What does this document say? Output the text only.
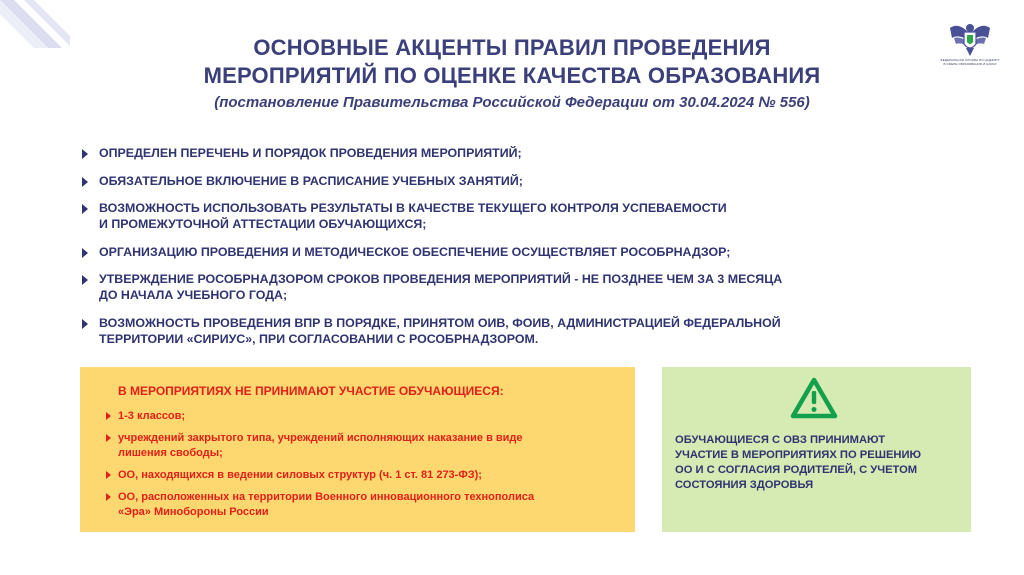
ФЕДЕРАЛЬНАЯ СЛУЖБА ПО НАДЗОРУ
В СФЕРЕ ОБРАЗОВАНИЯ И НАУКИ
ОСНОВНЫЕ АКЦЕНТЫ ПРАВИЛ ПРОВЕДЕНИЯ
МЕРОПРИЯТИЙ ПО ОЦЕНКЕ КАЧЕСТВА ОБРАЗОВАНИЯ
(постановление Правительства Российской Федерации от 30.04.2024 № 556)
ОПРЕДЕЛЕН ПЕРЕЧЕНЬ И ПОРЯДОК ПРОВЕДЕНИЯ МЕРОПРИЯТИЙ;
ОБЯЗАТЕЛЬНОЕ ВКЛЮЧЕНИЕ В РАСПИСАНИЕ УЧЕБНЫХ ЗАНЯТИЙ;
ВОЗМОЖНОСТЬ ИСПОЛЬЗОВАТЬ РЕЗУЛЬТАТЫ В КАЧЕСТВЕ ТЕКУЩЕГО КОНТРОЛЯ УСПЕВАЕМОСТИ
И ПРОМЕЖУТОЧНОЙ АТТЕСТАЦИИ ОБУЧАЮЩИХСЯ;
ОРГАНИЗАЦИЮ ПРОВЕДЕНИЯ И МЕТОДИЧЕСКОЕ ОБЕСПЕЧЕНИЕ ОСУЩЕСТВЛЯЕТ РОСОБРНАДЗОР;
УТВЕРЖДЕНИЕ РОСОБРНАДЗОРОМ СРОКОВ ПРОВЕДЕНИЯ МЕРОПРИЯТИЙ - НЕ ПОЗДНЕЕ ЧЕМ ЗА 3 МЕСЯЦА
ДО НАЧАЛА УЧЕБНОГО ГОДА;
ВОЗМОЖНОСТЬ ПРОВЕДЕНИЯ ВПР В ПОРЯДКЕ, ПРИНЯТОМ ОИВ, ФОИВ, АДМИНИСТРАЦИЕЙ ФЕДЕРАЛЬНОЙ
ТЕРРИТОРИИ «СИРИУС», ПРИ СОГЛАСОВАНИИ С РОСОБРНАДЗОРОМ.
В МЕРОПРИЯТИЯХ НЕ ПРИНИМАЮТ УЧАСТИЕ ОБУЧАЮЩИЕСЯ:
1-3 классов;
учреждений закрытого типа, учреждений исполняющих наказание в виде
лишения свободы;
ОО, находящихся в ведении силовых структур (ч. 1 ст. 81 273-ФЗ);
ОО, расположенных на территории Военного инновационного технополиса
«Эра» Минобороны России
ОБУЧАЮЩИЕСЯ С ОВЗ ПРИНИМАЮТ
УЧАСТИЕ В МЕРОПРИЯТИЯХ ПО РЕШЕНИЮ
ОО И С СОГЛАСИЯ РОДИТЕЛЕЙ, С УЧЕТОМ
СОСТОЯНИЯ ЗДОРОВЬЯ
